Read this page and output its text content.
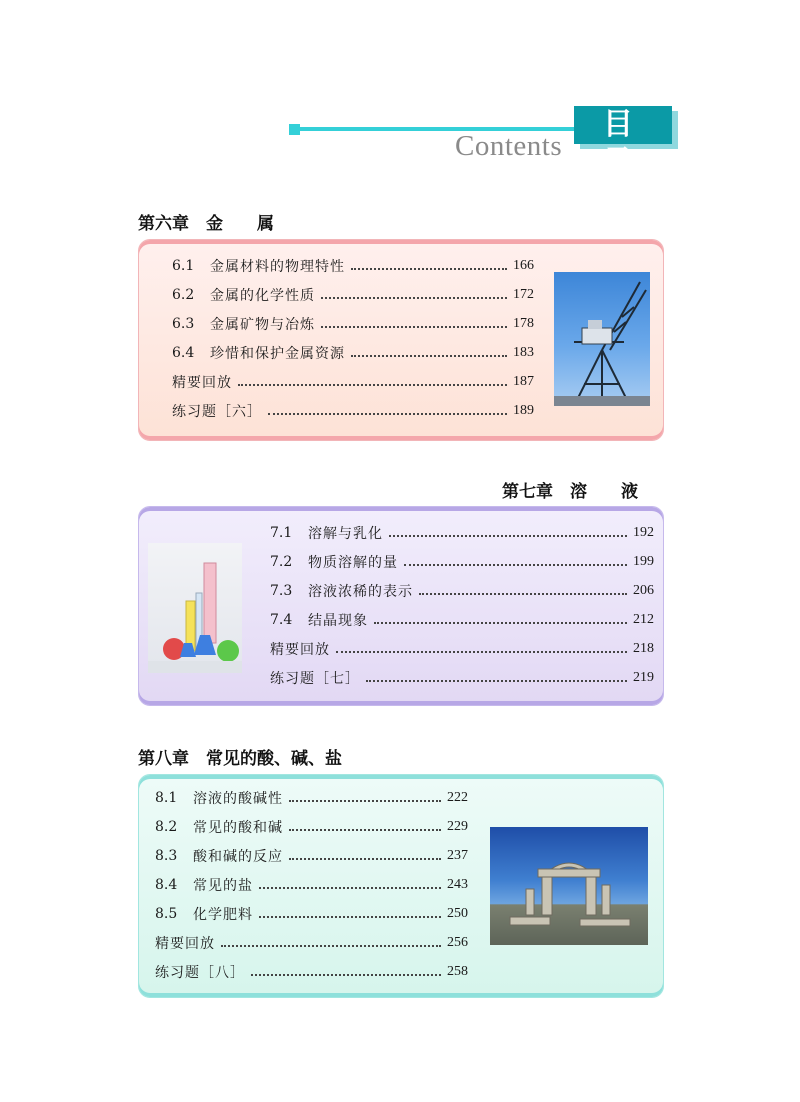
目 录
Contents
第六章　金　　属
6.1	金属材料的物理特性	166
6.2	金属的化学性质	172
6.3	金属矿物与冶炼	178
6.4	珍惜和保护金属资源	183
精要回放	187
练习题［六］	189
第七章　溶　　液
7.1	溶解与乳化	192
7.2	物质溶解的量	199
7.3	溶液浓稀的表示	206
7.4	结晶现象	212
精要回放	218
练习题［七］	219
第八章　常见的酸、碱、盐
8.1	溶液的酸碱性	222
8.2	常见的酸和碱	229
8.3	酸和碱的反应	237
8.4	常见的盐	243
8.5	化学肥料	250
精要回放	256
练习题［八］	258
